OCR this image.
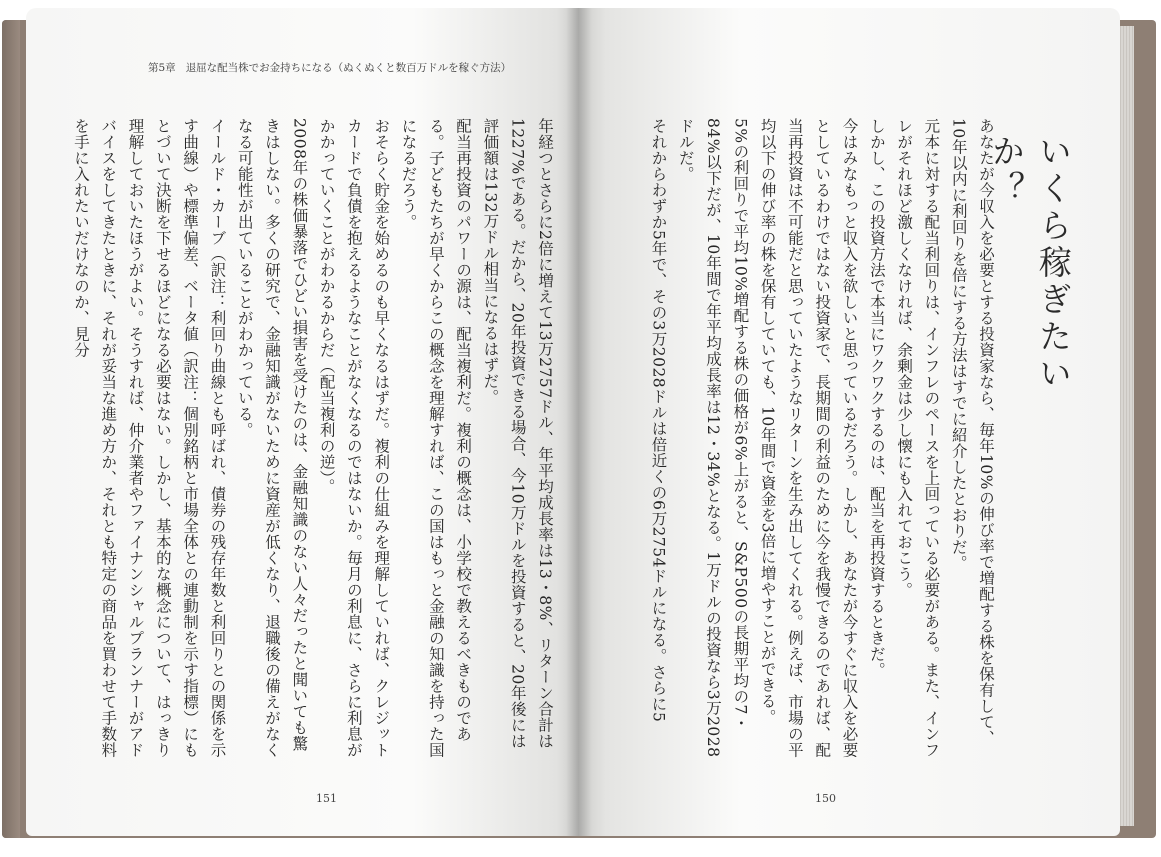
第5章 退屈な配当株でお金持ちになる（ぬくぬくと数百万ドルを稼ぐ方法）
年経つとさらに2倍に増えて13万2757ドル、年平均成長率は13・8%、リターン合計は1227%である。だから、20年投資できる場合、今10万ドルを投資すると、20年後には評価額は132万ドル相当になるはずだ。
配当再投資のパワーの源は、配当複利だ。複利の概念は、小学校で教えるべきものである。子どもたちが早くからこの概念を理解すれば、この国はもっと金融の知識を持った国になるだろう。
おそらく貯金を始めるのも早くなるはずだ。複利の仕組みを理解していれば、クレジットカードで負債を抱えるようなことがなくなるのではないか。毎月の利息に、さらに利息がかかっていくことがわかるからだ（配当複利の逆）。
2008年の株価暴落でひどい損害を受けたのは、金融知識のない人々だったと聞いても驚きはしない。多くの研究で、金融知識がないために資産が低くなり、退職後の備えがなくなる可能性が出ていることがわかっている。
イールド・カーブ（訳注：利回り曲線とも呼ばれ、債券の残存年数と利回りとの関係を示す曲線）や標準偏差、ベータ値（訳注：個別銘柄と市場全体との連動制を示す指標）にもとづいて決断を下せるほどになる必要はない。しかし、基本的な概念について、はっきり理解しておいたほうがよい。そうすれば、仲介業者やファイナンシャルプランナーがアドバイスをしてきたときに、それが妥当な進め方か、それとも特定の商品を買わせて手数料を手に入れたいだけなのか、見分
151
いくら稼ぎたいか？
あなたが今収入を必要とする投資家なら、毎年10%の伸び率で増配する株を保有して、10年以内に利回りを倍にする方法はすでに紹介したとおりだ。
元本に対する配当利回りは、インフレのペースを上回っている必要がある。また、インフレがそれほど激しくなければ、余剰金は少し懐にも入れておこう。
しかし、この投資方法で本当にワクワクするのは、配当を再投資するときだ。
今はみなもっと収入を欲しいと思っているだろう。しかし、あなたが今すぐに収入を必要としているわけではない投資家で、長期間の利益のために今を我慢できるのであれば、配当再投資は不可能だと思っていたようなリターンを生み出してくれる。例えば、市場の平均以下の伸び率の株を保有していても、10年間で資金を3倍に増やすことができる。
5%の利回りで平均10%増配する株の価格が6%上がると、S&P500の長期平均の7・84%以下だが、10年間で年平均成長率は12・34%となる。1万ドルの投資なら3万2028ドルだ。
それからわずか5年で、その3万2028ドルは倍近くの6万2754ドルになる。さらに5
150
